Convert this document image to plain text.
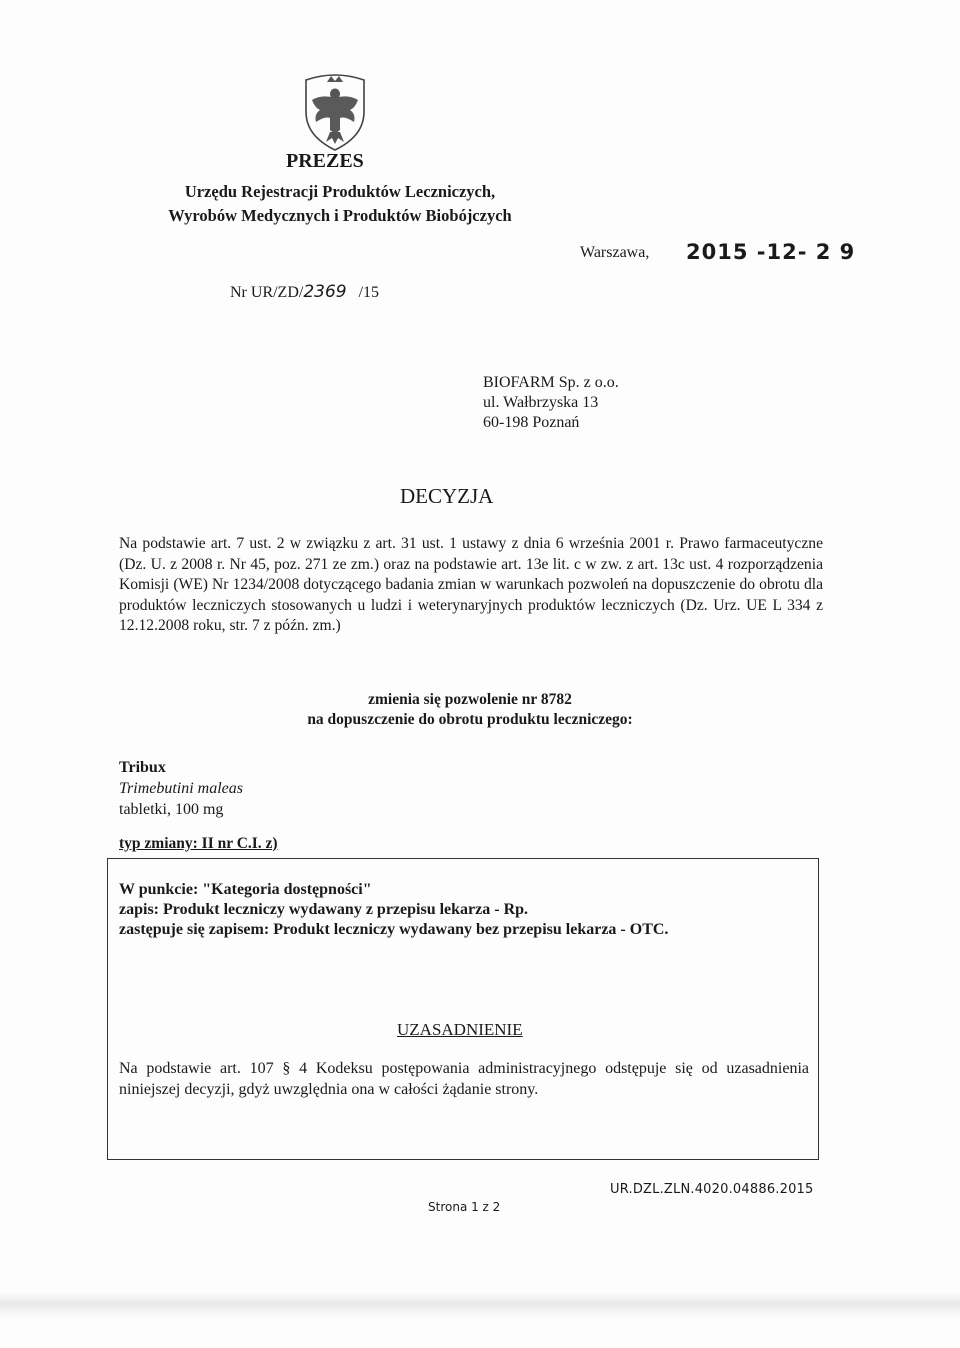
PREZES
Urzędu Rejestracji Produktów Leczniczych,
Wyrobów Medycznych i Produktów Biobójczych
Warszawa, 2015 -12- 2 9
Nr UR/ZD/2369 /15
BIOFARM Sp. z o.o.
ul. Wałbrzyska 13
60-198 Poznań
DECYZJA
Na podstawie art. 7 ust. 2 w związku z art. 31 ust. 1 ustawy z dnia 6 września 2001 r. Prawo farmaceutyczne (Dz. U. z 2008 r. Nr 45, poz. 271 ze zm.) oraz na podstawie art. 13e lit. c w zw. z art. 13c ust. 4 rozporządzenia Komisji (WE) Nr 1234/2008 dotyczącego badania zmian w warunkach pozwoleń na dopuszczenie do obrotu dla produktów leczniczych stosowanych u ludzi i weterynaryjnych produktów leczniczych (Dz. Urz. UE L 334 z 12.12.2008 roku, str. 7 z późn. zm.)
zmienia się pozwolenie nr 8782
na dopuszczenie do obrotu produktu leczniczego:
Tribux
Trimebutini maleas
tabletki, 100 mg
typ zmiany: II nr C.I. z)
W punkcie: "Kategoria dostępności"
zapis: Produkt leczniczy wydawany z przepisu lekarza - Rp.
zastępuje się zapisem: Produkt leczniczy wydawany bez przepisu lekarza - OTC.
UZASADNIENIE
Na podstawie art. 107 § 4 Kodeksu postępowania administracyjnego odstępuje się od uzasadnienia niniejszej decyzji, gdyż uwzględnia ona w całości żądanie strony.
UR.DZL.ZLN.4020.04886.2015
Strona 1 z 2
